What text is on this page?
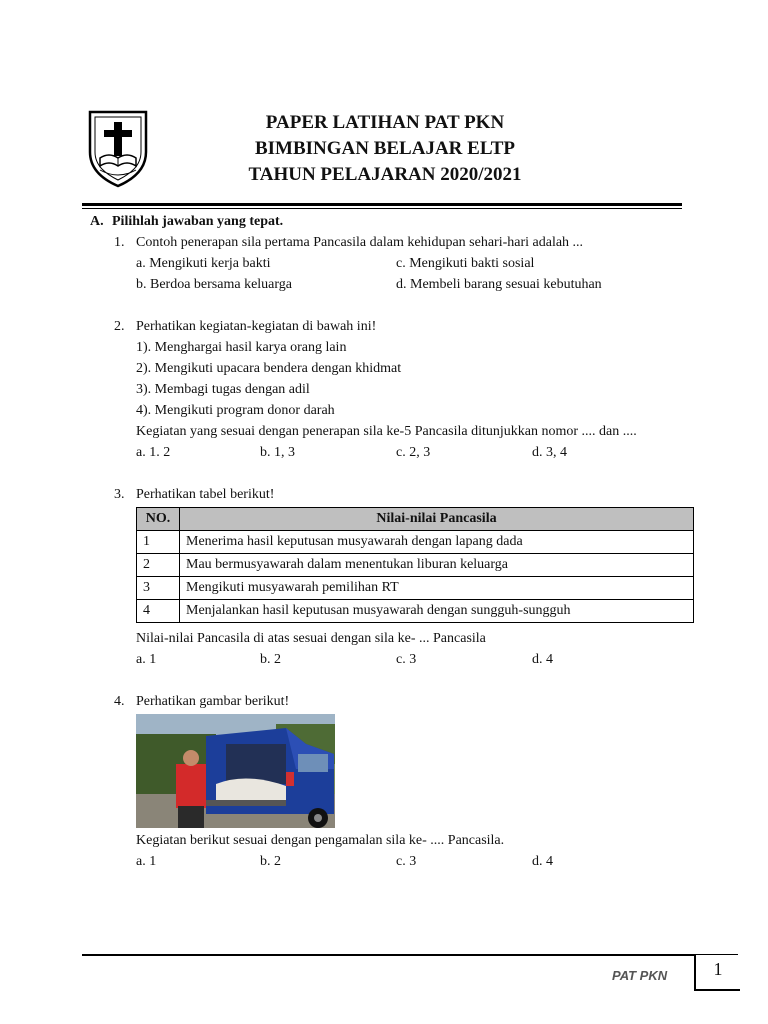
PAPER LATIHAN PAT PKN
BIMBINGAN BELAJAR ELTP
TAHUN PELAJARAN 2020/2021
A. Pilihlah jawaban yang tepat.
1. Contoh penerapan sila pertama Pancasila dalam kehidupan sehari-hari adalah ...
a. Mengikuti kerja bakti	c. Mengikuti bakti sosial
b. Berdoa bersama keluarga	d. Membeli barang sesuai kebutuhan
2. Perhatikan kegiatan-kegiatan di bawah ini!
1). Menghargai hasil karya orang lain
2). Mengikuti upacara bendera dengan khidmat
3). Membagi tugas dengan adil
4). Mengikuti program donor darah
Kegiatan yang sesuai dengan penerapan sila ke-5 Pancasila ditunjukkan nomor .... dan ....
a. 1. 2	b. 1, 3	c. 2, 3	d. 3, 4
3. Perhatikan tabel berikut!
NO.	Nilai-nilai Pancasila
1	Menerima hasil keputusan musyawarah dengan lapang dada
2	Mau bermusyawarah dalam menentukan liburan keluarga
3	Mengikuti musyawarah pemilihan RT
4	Menjalankan hasil keputusan musyawarah dengan sungguh-sungguh
Nilai-nilai Pancasila di atas sesuai dengan sila ke- ... Pancasila
a. 1	b. 2	c. 3	d. 4
4. Perhatikan gambar berikut!
Kegiatan berikut sesuai dengan pengamalan sila ke- .... Pancasila.
a. 1	b. 2	c. 3	d. 4
PAT PKN	1
